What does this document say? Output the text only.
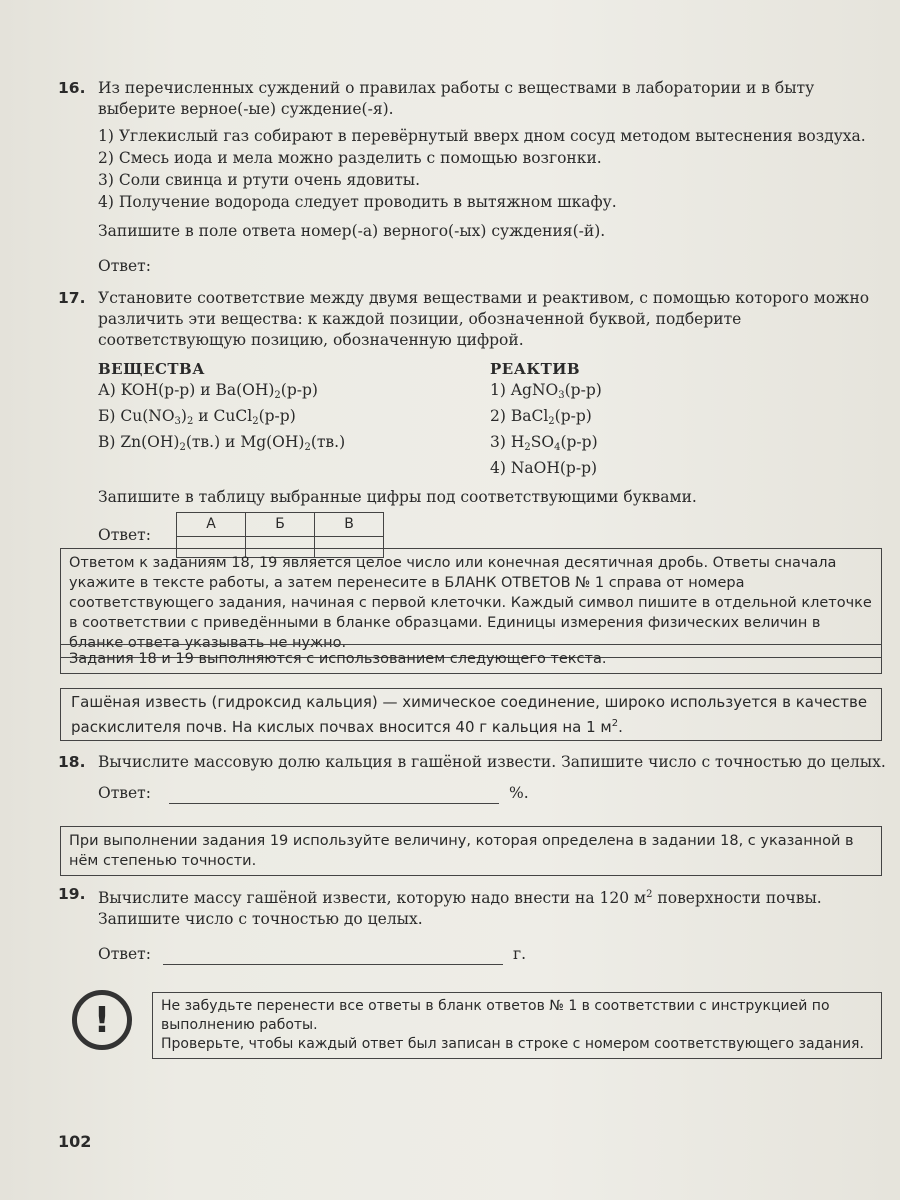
16. Из перечисленных суждений о правилах работы с веществами в лаборатории и в быту выберите верное(-ые) суждение(-я).
1) Углекислый газ собирают в перевёрнутый вверх дном сосуд методом вытеснения воздуха.
2) Смесь иода и мела можно разделить с помощью возгонки.
3) Соли свинца и ртути очень ядовиты.
4) Получение водорода следует проводить в вытяжном шкафу.
Запишите в поле ответа номер(-а) верного(-ых) суждения(-й).
Ответ:
17. Установите соответствие между двумя веществами и реактивом, с помощью которого можно различить эти вещества: к каждой позиции, обозначенной буквой, подберите соответствующую позицию, обозначенную цифрой.
ВЕЩЕСТВА
А) KOH(р-р) и $Ba(OH)_2(р-р)$
Б) $Cu(NO_3)_2$ и CuCl$_2$(р-р)
В) $Zn(OH)_2(тв.)$ и $Mg(OH)_2(тв.)$
РЕАКТИВ
1) AgNO$_3$(р-р)
2) BaCl$_2$(р-р)
3) $H_2SO_4(р-р)$
4) NaOH(р-р)
Запишите в таблицу выбранные цифры под соответствующими буквами.
Ответ:
А	Б	В

Ответом к заданиям 18, 19 является целое число или конечная десятичная дробь. Ответы сначала укажите в тексте работы, а затем перенесите в БЛАНК ОТВЕТОВ № 1 справа от номера соответствующего задания, начиная с первой клеточки. Каждый символ пишите в отдельной клеточке в соответствии с приведёнными в бланке образцами. Единицы измерения физических величин в бланке ответа указывать не нужно.
Задания 18 и 19 выполняются с использованием следующего текста.
Гашёная известь (гидроксид кальция) — химическое соединение, широко используется в качестве раскислителя почв. На кислых почвах вносится 40 г кальция на 1 $м^2$.
18. Вычислите массовую долю кальция в гашёной извести. Запишите число с точностью до целых.
Ответ:	%.
При выполнении задания 19 используйте величину, которая определена в задании 18, с указанной в нём степенью точности.
19. Вычислите массу гашёной извести, которую надо внести на 120 $м^2$ поверхности почвы. Запишите число с точностью до целых.
Ответ:	г.
!	Не забудьте перенести все ответы в бланк ответов № 1 в соответствии с инструкцией по выполнению работы.
Проверьте, чтобы каждый ответ был записан в строке с номером соответствующего задания.
102
